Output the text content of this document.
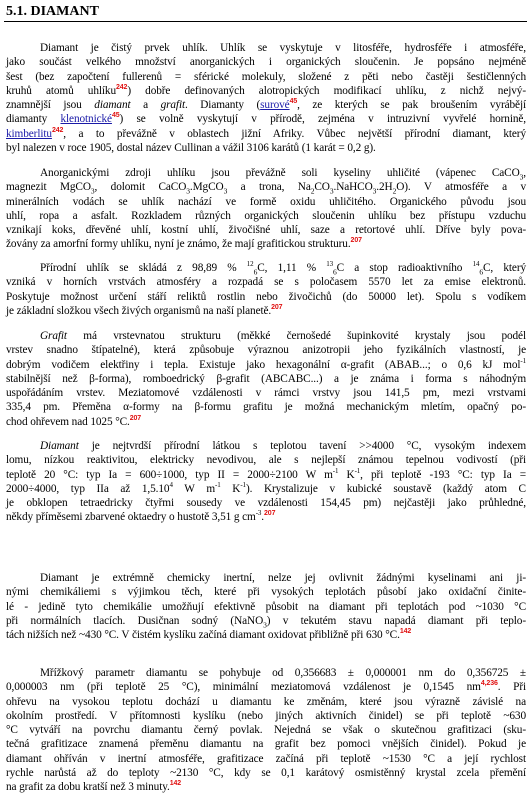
5.1. DIAMANT
Diamant je čistý prvek uhlík. Uhlík se vyskytuje v litosféře, hydrosféře i atmosféře,
jako součást velkého množství anorganických i organických sloučenin. Je popsáno nejméně
šest (bez započtení fullerenů = sférické molekuly, složené z pěti nebo častěji šestičlenných
kruhů atomů uhlíku$^{242}$) dobře definovaných alotropických modifikací uhlíku, z nichž nejvý-
znamnější jsou diamant a grafit. Diamanty (surové$^{45}$, ze kterých se pak broušením vyrábějí
diamanty klenotnické$^{45}$) se volně vyskytují v přírodě, zejména v intruzivní vyvřelé hornině,
kimberlitu$^{242}$, a to převážně v oblastech jižní Afriky. Vůbec největší přírodní diamant, který
byl nalezen v roce 1905, dostal název Cullinan a vážil 3106 karátů (1 karát = 0,2 g).
Anorganickými zdroji uhlíku jsou převážně soli kyseliny uhličité (vápenec CaCO$_3$,
magnezit MgCO$_3$, dolomit CaCO$_3$.MgCO$_3$ a trona, $Na_2CO_3.NaHCO_3.2H_2O$). V atmosféře a v
minerálních vodách se uhlík nachází ve formě oxidu uhličitého. Organického původu jsou
uhlí, ropa a asfalt. Rozkladem různých organických sloučenin uhlíku bez přístupu vzduchu
vznikají koks, dřevěné uhlí, kostní uhlí, živočišné uhlí, saze a retortové uhlí. Dříve byly pova-
žovány za amorfní formy uhlíku, nyní je známo, že mají grafitickou strukturu.$^{207}$
Přírodní uhlík se skládá z 98,89 % $^{12}_6$C, 1,11 % $^{13}_6$C a stop radioaktivního $^{14}_6$C, který
vzniká v horních vrstvách atmosféry a rozpadá se s poločasem 5570 let za emise elektronů.
Poskytuje možnost určení stáří reliktů rostlin nebo živočichů (do 50000 let). Spolu s vodíkem
je základní složkou všech živých organismů na naší planetě.$^{207}$
Grafit má vrstevnatou strukturu (měkké černošedé šupinkovité krystaly jsou podél
vrstev snadno štípatelné), která způsobuje výraznou anizotropii jeho fyzikálních vlastností, je
dobrým vodičem elektřiny i tepla. Existuje jako hexagonální α-grafit (ABAB...; o 0,6 kJ mol$^{-1}$
stabilnější než β-forma), romboedrický β-grafit (ABCABC...) a je známa i forma s náhodným
uspořádáním vrstev. Meziatomové vzdálenosti v rámci vrstvy jsou 141,5 pm, mezi vrstvami
335,4 pm. Přeměna α-formy na β-formu grafitu je možná mechanickým mletím, opačný po-
chod ohřevem nad 1025 °C.$^{207}$
Diamant je nejtvrdší přírodní látkou s teplotou tavení >>4000 °C, vysokým indexem
lomu, nízkou reaktivitou, elektricky nevodivou, ale s nejlepší známou tepelnou vodivostí (při
teplotě 20 °C: typ Ia = 600÷1000, typ II = 2000÷2100 W $m^{-1}$ $K^{-1}$, při teplotě -193 °C: typ Ia =
2000÷4000, typ IIa až 1,5.10$^4$ W $m^{-1}$ $K^{-1}$). Krystalizuje v kubické soustavě (každý atom C
je obklopen tetraedricky čtyřmi sousedy ve vzdálenosti 154,45 pm) nejčastěji jako průhledné,
někdy příměsemi zbarvené oktaedry o hustotě 3,51 g $cm^{-3}.^{207}$
Diamant je extrémně chemicky inertní, nelze jej ovlivnit žádnými kyselinami ani ji-
nými chemikáliemi s výjimkou těch, které při vysokých teplotách působí jako oxidační činite-
lé - jedině tyto chemikálie umožňují efektivně působit na diamant při teplotách pod ~1030 °C
při normálních tlacích. Dusičnan sodný (NaNO$_3$) v tekutém stavu napadá diamant při teplo-
tách nižších než ~430 °C. V čistém kyslíku začíná diamant oxidovat přibližně při 630 °C.$^{142}$
Mřížkový parametr diamantu se pohybuje od 0,356683 ± 0,000001 nm do 0,356725 ±
0,000003 nm (při teplotě 25 °C), minimální meziatomová vzdálenost je 0,1545 nm$^{4,236}$. Při
ohřevu na vysokou teplotu dochází u diamantu ke změnám, které jsou výrazně závislé na
okolním prostředí. V přítomnosti kyslíku (nebo jiných aktivních činidel) se při teplotě ~630
°C vytváří na povrchu diamantu černý povlak. Nejedná se však o skutečnou grafitizaci (sku-
tečná grafitizace znamená přeměnu diamantu na grafit bez pomoci vnějších činidel). Pokud je
diamant ohříván v inertní atmosféře, grafitizace začíná při teplotě ~1530 °C a její rychlost
rychle narůstá až do teploty ~2130 °C, kdy se 0,1 karátový osmistěnný krystal zcela přemění
na grafit za dobu kratší než 3 minuty.$^{142}$
